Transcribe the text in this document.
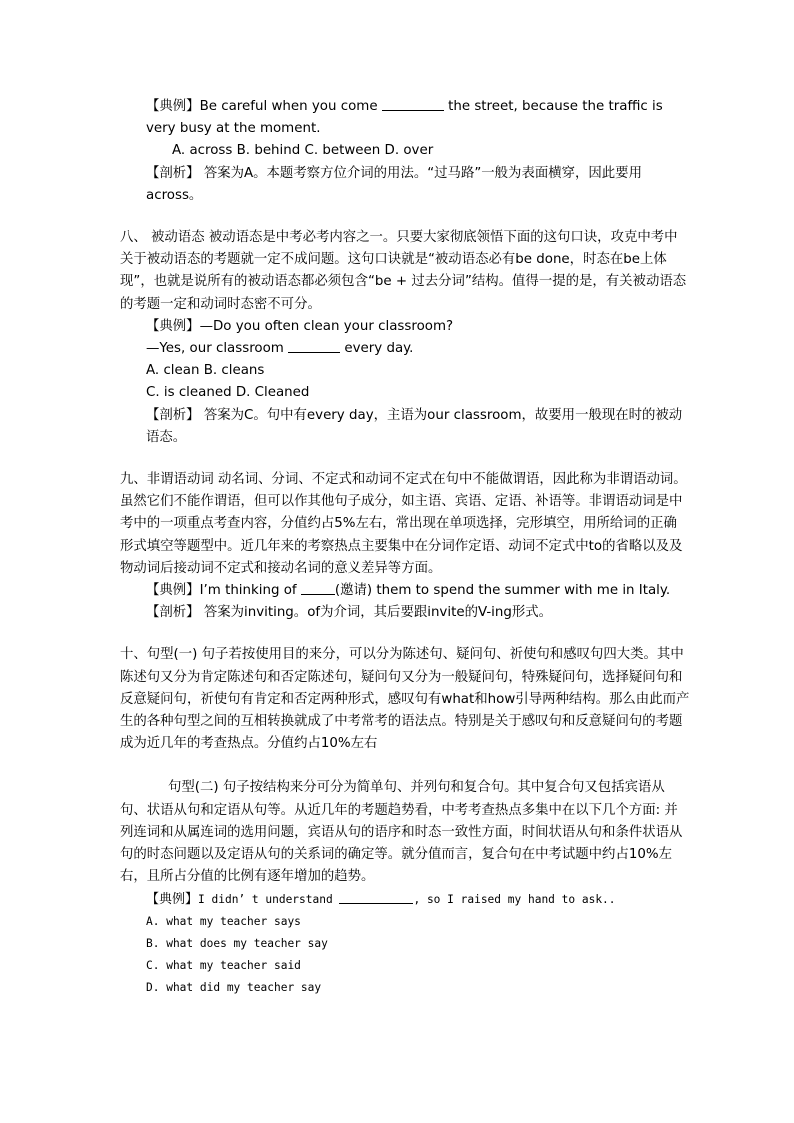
【典例】Be careful when you come	the street, because the traffic is very busy at the moment.

A. across B. behind C. between D. over

【剖析】 答案为A。本题考察方位介词的用法。“过马路”一般为表面横穿，因此要用across。

八、 被动语态 被动语态是中考必考内容之一。只要大家彻底领悟下面的这句口诀，攻克中考中关于被动语态的考题就一定不成问题。这句口诀就是“被动语态必有be done，时态在be上体现”，也就是说所有的被动语态都必须包含“be + 过去分词”结构。值得一提的是，有关被动语态的考题一定和动词时态密不可分。

【典例】—Do you often clean your classroom?

—Yes, our classroom	every day.

A. clean B. cleans

C. is cleaned D. Cleaned

【剖析】 答案为C。句中有every day，主语为our classroom，故要用一般现在时的被动语态。

九、非谓语动词 动名词、分词、不定式和动词不定式在句中不能做谓语，因此称为非谓语动词。虽然它们不能作谓语，但可以作其他句子成分，如主语、宾语、定语、补语等。非谓语动词是中考中的一项重点考查内容，分值约占5%左右，常出现在单项选择，完形填空，用所给词的正确形式填空等题型中。近几年来的考察热点主要集中在分词作定语、动词不定式中to的省略以及及物动词后接动词不定式和接动名词的意义差异等方面。

【典例】I’m thinking of	(邀请) them to spend the summer with me in Italy.

【剖析】 答案为inviting。of为介词，其后要跟invite的V-ing形式。

十、句型(一) 句子若按使用目的来分，可以分为陈述句、疑问句、祈使句和感叹句四大类。其中陈述句又分为肯定陈述句和否定陈述句，疑问句又分为一般疑问句，特殊疑问句，选择疑问句和反意疑问句，祈使句有肯定和否定两种形式，感叹句有what和how引导两种结构。那么由此而产生的各种句型之间的互相转换就成了中考常考的语法点。特别是关于感叹句和反意疑问句的考题成为近几年的考查热点。分值约占10%左右

句型(二) 句子按结构来分可分为简单句、并列句和复合句。其中复合句又包括宾语从句、状语从句和定语从句等。从近几年的考题趋势看，中考考查热点多集中在以下几个方面: 并列连词和从属连词的选用问题，宾语从句的语序和时态一致性方面，时间状语从句和条件状语从句的时态问题以及定语从句的关系词的确定等。就分值而言，复合句在中考试题中约占10%左右，且所占分值的比例有逐年增加的趋势。

【典例】I didn’ t understand	, so I raised my hand to ask..

A. what my teacher says

B. what does my teacher say

C. what my teacher said

D. what did my teacher say
